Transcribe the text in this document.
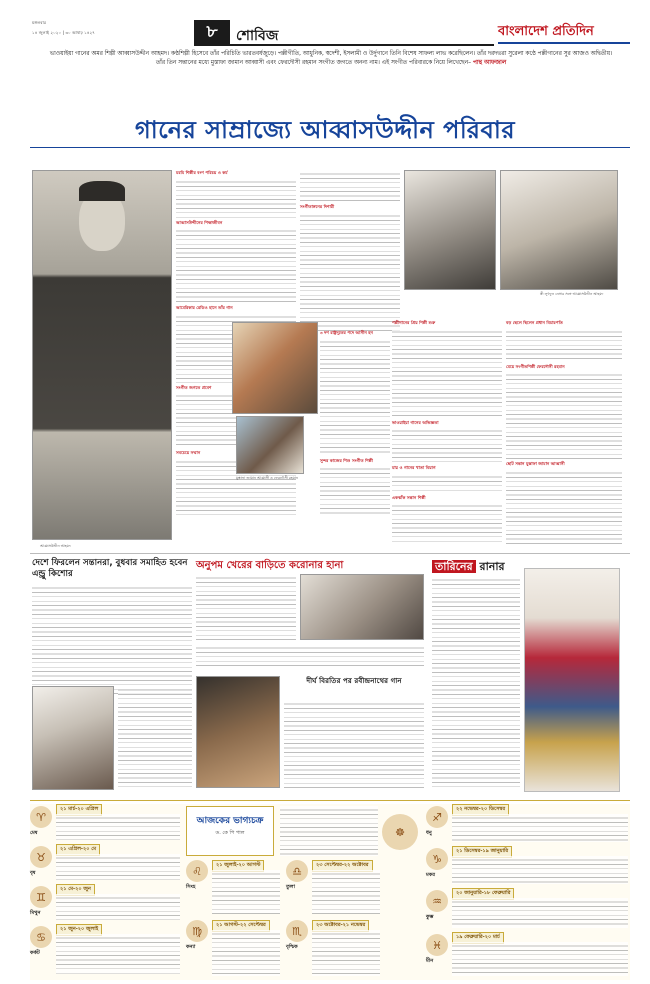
মঙ্গলবার
১৪ জুলাই ২০২০ | ৩০ আষাঢ় ১৪২৭	৮	শোবিজ	বাংলাদেশ প্রতিদিন
ভাওয়াইয়া গানের অমর শিল্পী আব্বাসউদ্দীন আহমদ। কণ্ঠশিল্পী হিসেবে তাঁর পরিচিতি ভারতবর্ষজুড়ে। পল্লীগীতি, আধুনিক, স্বদেশী, ইসলামী ও উর্দুগানে তিনি বিশেষ সাফল্য লাভ করেছিলেন। তাঁর দরদভরা সুরেলা কণ্ঠে পল্লীগানের সুর আজও অদ্বিতীয়। তাঁর তিন সন্তানের মধ্যে মুস্তাফা জামান আব্বাসী এবং ফেরদৌসী রহমান সংগীত জগতে অনন্য নাম। এই সংগীত পরিবারকে নিয়ে লিখেছেন– পান্থ আফজাল
গানের সাম্রাজ্যে আব্বাসউদ্দীন পরিবার
আব্বাসউদ্দীন আহমদ
মরমি শিল্পীর বংশ পরিচয় ও কর্ম
আব্বাসউদ্দীনের শিক্ষাজীবন
আমেরিকার রেডিও হানে তাঁর গান
সংগীত জগতে প্রবেশ
সবচেয়ে সম্মান
সংগীতাঙ্গনের দিশারী
মুস্তাফা জামান আব্বাসী ও ফেরদৌসী রহমান
৩ দশ রাষ্ট্রদূতের পদে আসীন হন
সুন্দর কাজের শিশু সংগীত শিল্পী
পল্লীগানের প্রিয় শিল্পী শুরু
ভাওয়াইয়া গানের অভিজ্ঞতা
মায় ও গানের খাতা বিয়াগ
একঝাঁক সন্তান শিল্পী
স্ত্রী লুৎফুন নেসার সঙ্গে আব্বাসউদ্দীন আহমদ
বড় ছেলে ছিলেন প্রধান বিচারপতি
মেয়ে সংগীতশিল্পী ফেরদৌসী রহমান
ছোট সন্তান মুস্তাফা জামান আব্বাসী
দেশে ফিরলেন সন্তানরা, বুধবার সমাহিত হবেন এন্ড্রু কিশোর
অনুপম খেরের বাড়িতে করোনার হানা
দীর্ঘ বিরতির পর রবীন্দ্রনাথের গান
তারিনের রানার
আজকের ভাগ্যচক্র
ড. কে পি পাল	☸
♈
মেষ
২১ মার্চ-২০ এপ্রিল
♉
বৃষ
২১ এপ্রিল-২০ মে
♊
মিথুন
২১ মে-২০ জুন
♋
কর্কট
২১ জুন-২০ জুলাই
♌
সিংহ
২১ জুলাই-২০ আগস্ট
♍
কন্যা
২১ আগস্ট-২২ সেপ্টেম্বর
♎
তুলা
২৩ সেপ্টেম্বর-২২ অক্টোবর
♏
বৃশ্চিক
২৩ অক্টোবর-২১ নভেম্বর
♐
ধনু
২২ নভেম্বর-২০ ডিসেম্বর
♑
মকর
২১ ডিসেম্বর-১৯ জানুয়ারি
♒
কুম্ভ
২০ জানুয়ারি-১৮ ফেব্রুয়ারি
♓
মীন
১৯ ফেব্রুয়ারি-২০ মার্চ
